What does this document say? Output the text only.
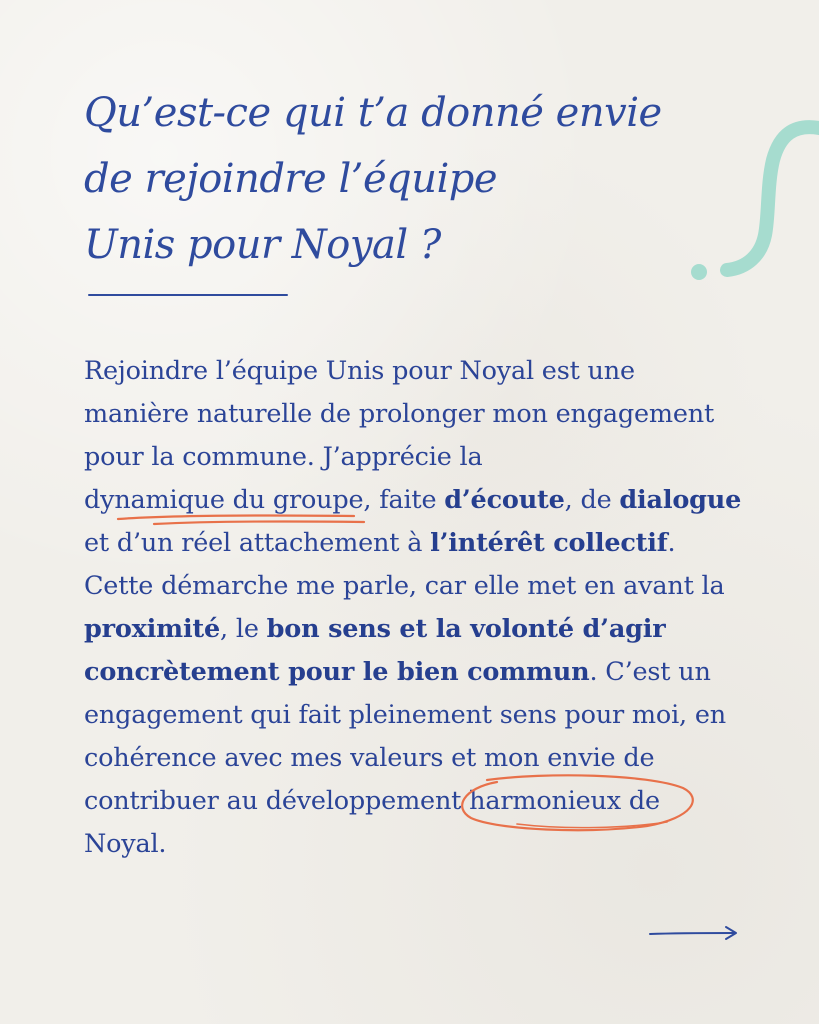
Qu’est-ce qui t’a donné envie
de rejoindre l’équipe
Unis pour Noyal ?

Rejoindre l’équipe Unis pour Noyal est une manière naturelle de prolonger mon engagement pour la commune. J’apprécie la dynamique du groupe
, faite d’écoute, de dialogue et d’un réel attachement à l’intérêt collectif.

Cette démarche me parle, car elle met en avant la proximité, le bon sens et la volonté d’agir concrètement pour le bien commun. C’est un engagement qui fait pleinement sens pour moi, en cohérence avec mes valeurs et mon envie de contribuer au développement harmonieux de
Noyal.
